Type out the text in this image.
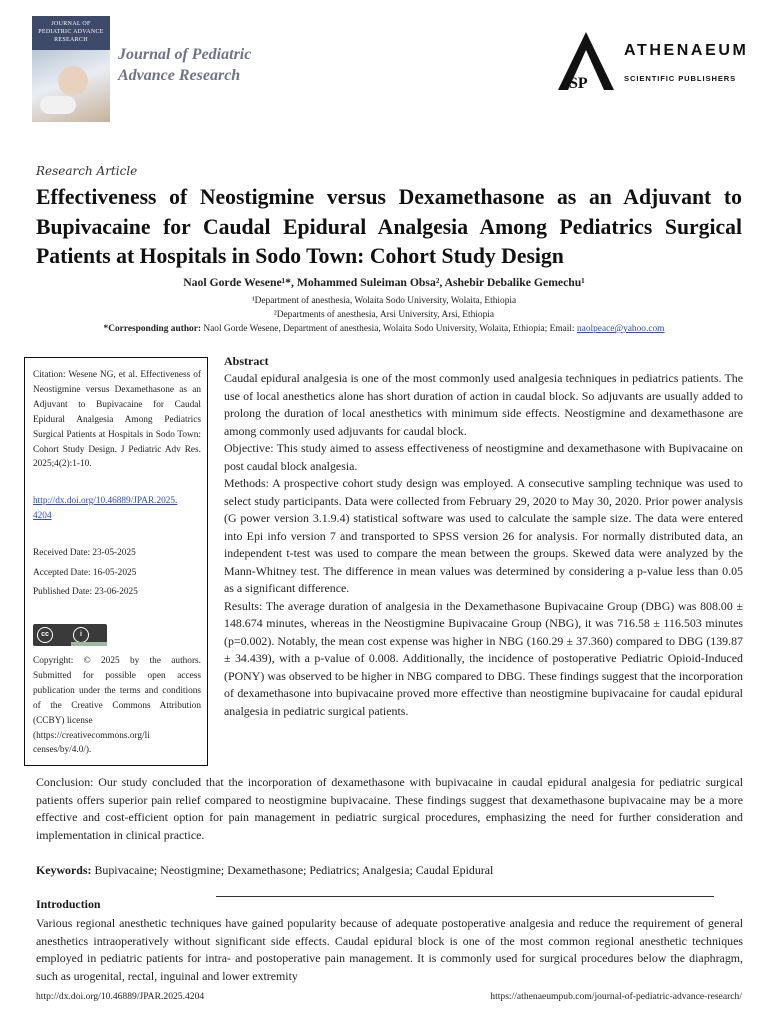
JOURNAL OF PEDIATRIC ADVANCE RESEARCH
Journal of Pediatric
Advance Research	SP
ATHENAEUM
SCIENTIFIC PUBLISHERS
Research Article
Effectiveness of Neostigmine versus Dexamethasone as an Adjuvant to Bupivacaine for Caudal Epidural Analgesia Among Pediatrics Surgical Patients at Hospitals in Sodo Town: Cohort Study Design
Naol Gorde Wesene¹*, Mohammed Suleiman Obsa², Ashebir Debalike Gemechu¹
¹Department of anesthesia, Wolaita Sodo University, Wolaita, Ethiopia
²Departments of anesthesia, Arsi University, Arsi, Ethiopia
*Corresponding author: Naol Gorde Wesene, Department of anesthesia, Wolaita Sodo University, Wolaita, Ethiopia; Email: naolpeace@yahoo.com
Citation: Wesene NG, et al. Effectiveness of Neostigmine versus Dexamethasone as an Adjuvant to Bupivacaine for Caudal Epidural Analgesia Among Pediatrics Surgical Patients at Hospitals in Sodo Town: Cohort Study Design. J Pediatric Adv Res. 2025;4(2):1-10.
http://dx.doi.org/10.46889/JPAR.2025.
4204
Received Date: 23-05-2025
Accepted Date: 16-05-2025
Published Date: 23-06-2025
cc	i
Copyright: © 2025 by the authors. Submitted for possible open access publication under the terms and conditions of the Creative Commons Attribution (CCBY) license
(https://creativecommons.org/li
censes/by/4.0/).
Abstract

Caudal epidural analgesia is one of the most commonly used analgesia techniques in pediatrics patients. The use of local anesthetics alone has short duration of action in caudal block. So adjuvants are usually added to prolong the duration of local anesthetics with minimum side effects. Neostigmine and dexamethasone are among commonly used adjuvants for caudal block.

Objective: This study aimed to assess effectiveness of neostigmine and dexamethasone with Bupivacaine on post caudal block analgesia.

Methods: A prospective cohort study design was employed. A consecutive sampling technique was used to select study participants. Data were collected from February 29, 2020 to May 30, 2020. Prior power analysis (G power version 3.1.9.4) statistical software was used to calculate the sample size. The data were entered into Epi info version 7 and transported to SPSS version 26 for analysis. For normally distributed data, an independent t-test was used to compare the mean between the groups. Skewed data were analyzed by the Mann-Whitney test. The difference in mean values was determined by considering a p-value less than 0.05 as a significant difference.

Results: The average duration of analgesia in the Dexamethasone Bupivacaine Group (DBG) was 808.00 ± 148.674 minutes, whereas in the Neostigmine Bupivacaine Group (NBG), it was 716.58 ± 116.503 minutes (p=0.002). Notably, the mean cost expense was higher in NBG (160.29 ± 37.360) compared to DBG (139.87 ± 34.439), with a p-value of 0.008. Additionally, the incidence of postoperative Pediatric Opioid-Induced (PONY) was observed to be higher in NBG compared to DBG. These findings suggest that the incorporation of dexamethasone into bupivacaine proved more effective than neostigmine bupivacaine for caudal epidural analgesia in pediatric surgical patients.

Conclusion: Our study concluded that the incorporation of dexamethasone with bupivacaine in caudal epidural analgesia for pediatric surgical patients offers superior pain relief compared to neostigmine bupivacaine. These findings suggest that dexamethasone bupivacaine may be a more effective and cost-efficient option for pain management in pediatric surgical procedures, emphasizing the need for further consideration and implementation in clinical practice.

Keywords: Bupivacaine; Neostigmine; Dexamethasone; Pediatrics; Analgesia; Caudal Epidural
Introduction

Various regional anesthetic techniques have gained popularity because of adequate postoperative analgesia and reduce the requirement of general anesthetics intraoperatively without significant side effects. Caudal epidural block is one of the most common regional anesthetic techniques employed in pediatric patients for intra- and postoperative pain management. It is commonly used for surgical procedures below the diaphragm, such as urogenital, rectal, inguinal and lower extremity

http://dx.doi.org/10.46889/JPAR.2025.4204	https://athenaeumpub.com/journal-of-pediatric-advance-research/
